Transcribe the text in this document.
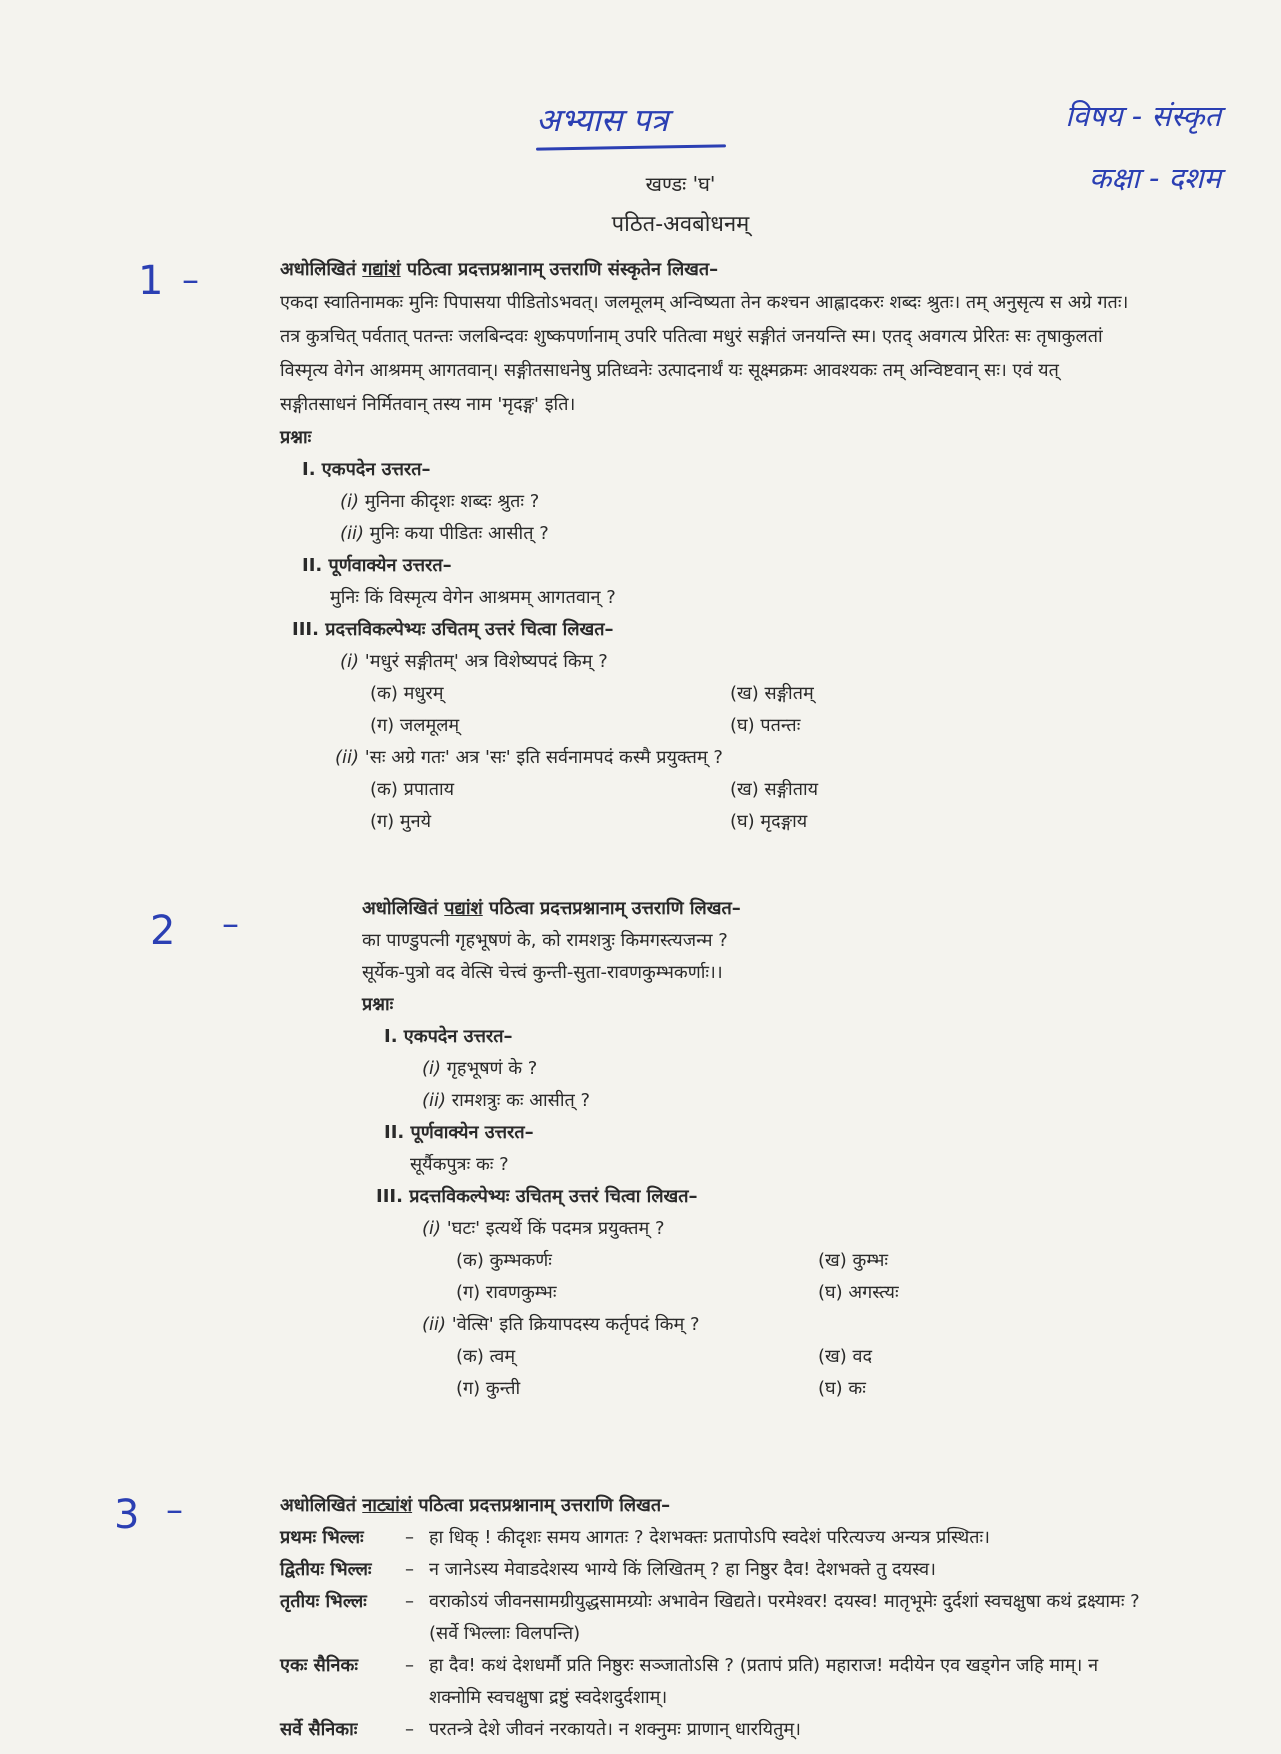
अभ्यास पत्र	विषय - संस्कृत
कक्षा - दशम
खण्डः 'घ'
पठित-अवबोधनम्
1 –
2 –
3 –
अधोलिखितं गद्यांशं पठित्वा प्रदत्तप्रश्नानाम् उत्तराणि संस्कृतेन लिखत–
एकदा स्वातिनामकः मुनिः पिपासया पीडितोऽभवत्। जलमूलम् अन्विष्यता तेन कश्चन आह्लादकरः शब्दः श्रुतः। तम् अनुसृत्य स अग्रे गतः। तत्र कुत्रचित् पर्वतात् पतन्तः जलबिन्दवः शुष्कपर्णानाम् उपरि पतित्वा मधुरं सङ्गीतं जनयन्ति स्म। एतद् अवगत्य प्रेरितः सः तृषाकुलतां विस्मृत्य वेगेन आश्रमम् आगतवान्। सङ्गीतसाधनेषु प्रतिध्वनेः उत्पादनार्थं यः सूक्ष्मक्रमः आवश्यकः तम् अन्विष्टवान् सः। एवं यत् सङ्गीतसाधनं निर्मितवान् तस्य नाम 'मृदङ्ग' इति।
प्रश्नाः
I. एकपदेन उत्तरत–
(i) मुनिना कीदृशः शब्दः श्रुतः ?
(ii) मुनिः कया पीडितः आसीत् ?
II. पूर्णवाक्येन उत्तरत–
मुनिः किं विस्मृत्य वेगेन आश्रमम् आगतवान् ?
III. प्रदत्तविकल्पेभ्यः उचितम् उत्तरं चित्वा लिखत–
(i) 'मधुरं सङ्गीतम्' अत्र विशेष्यपदं किम् ?
(क) मधुरम्	(ख) सङ्गीतम्
(ग) जलमूलम्	(घ) पतन्तः
(ii) 'सः अग्रे गतः' अत्र 'सः' इति सर्वनामपदं कस्मै प्रयुक्तम् ?
(क) प्रपाताय	(ख) सङ्गीताय
(ग) मुनये	(घ) मृदङ्गाय
अधोलिखितं पद्यांशं पठित्वा प्रदत्तप्रश्नानाम् उत्तराणि लिखत–
का पाण्डुपत्नी गृहभूषणं के, को रामशत्रुः किमगस्त्यजन्म ?
सूर्येक-पुत्रो वद वेत्सि चेत्त्वं कुन्ती-सुता-रावणकुम्भकर्णाः।।
प्रश्नाः
I. एकपदेन उत्तरत–
(i) गृहभूषणं के ?
(ii) रामशत्रुः कः आसीत् ?
II. पूर्णवाक्येन उत्तरत–
सूर्यैकपुत्रः कः ?
III. प्रदत्तविकल्पेभ्यः उचितम् उत्तरं चित्वा लिखत–
(i) 'घटः' इत्यर्थे किं पदमत्र प्रयुक्तम् ?
(क) कुम्भकर्णः	(ख) कुम्भः
(ग) रावणकुम्भः	(घ) अगस्त्यः
(ii) 'वेत्सि' इति क्रियापदस्य कर्तृपदं किम् ?
(क) त्वम्	(ख) वद
(ग) कुन्ती	(घ) कः
अधोलिखितं नाट्यांशं पठित्वा प्रदत्तप्रश्नानाम् उत्तराणि लिखत–
प्रथमः भिल्लः	– हा धिक् ! कीदृशः समय आगतः ? देशभक्तः प्रतापोऽपि स्वदेशं परित्यज्य अन्यत्र प्रस्थितः।
द्वितीयः भिल्लः	– न जानेऽस्य मेवाडदेशस्य भाग्ये किं लिखितम् ? हा निष्ठुर दैव! देशभक्ते तु दयस्व।
तृतीयः भिल्लः	– वराकोऽयं जीवनसामग्रीयुद्धसामग्र्योः अभावेन खिद्यते। परमेश्वर! दयस्व! मातृभूमेः दुर्दशां स्वचक्षुषा कथं द्रक्ष्यामः ? (सर्वे भिल्लाः विलपन्ति)
एकः सैनिकः	– हा दैव! कथं देशधर्मौ प्रति निष्ठुरः सञ्जातोऽसि ? (प्रतापं प्रति) महाराज! मदीयेन एव खड्गेन जहि माम्। न शक्नोमि स्वचक्षुषा द्रष्टुं स्वदेशदुर्दशाम्।
सर्वे सैनिकाः	– परतन्त्रे देशे जीवनं नरकायते। न शक्नुमः प्राणान् धारयितुम्।
